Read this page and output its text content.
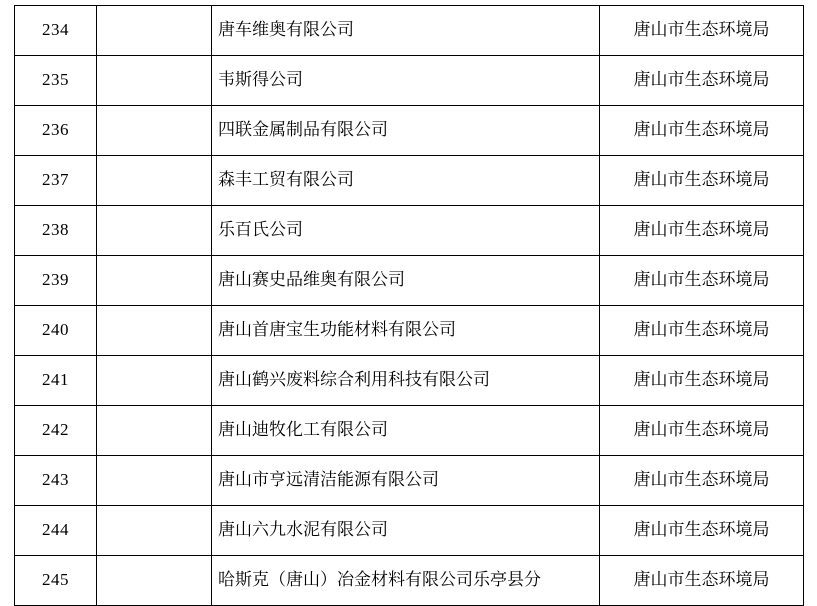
234		唐车维奥有限公司	唐山市生态环境局
235		韦斯得公司	唐山市生态环境局
236		四联金属制品有限公司	唐山市生态环境局
237		森丰工贸有限公司	唐山市生态环境局
238		乐百氏公司	唐山市生态环境局
239		唐山赛史品维奥有限公司	唐山市生态环境局
240		唐山首唐宝生功能材料有限公司	唐山市生态环境局
241		唐山鹤兴废料综合利用科技有限公司	唐山市生态环境局
242		唐山迪牧化工有限公司	唐山市生态环境局
243		唐山市亨远清洁能源有限公司	唐山市生态环境局
244		唐山六九水泥有限公司	唐山市生态环境局
245		哈斯克（唐山）冶金材料有限公司乐亭县分	唐山市生态环境局
